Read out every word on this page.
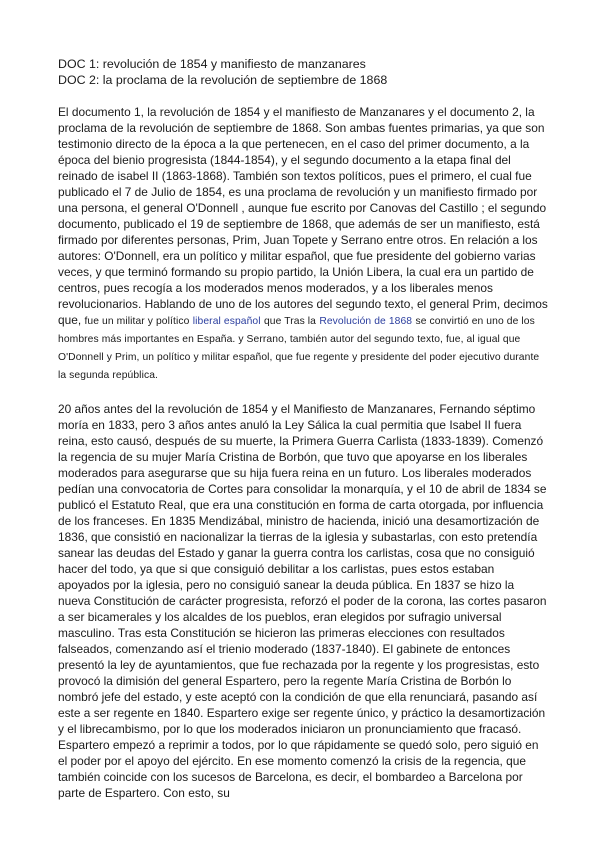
DOC 1: revolución de 1854 y manifiesto de manzanares

DOC 2: la proclama de la revolución de septiembre de 1868

El documento 1, la revolución de 1854 y el manifiesto de Manzanares y el documento 2, la proclama de la revolución de septiembre de 1868. Son ambas fuentes primarias, ya que son testimonio directo de la época a la que pertenecen, en el caso del primer documento, a la época del bienio progresista (1844-1854), y el segundo documento a la etapa final del reinado de isabel II (1863-1868). También son textos políticos, pues el primero, el cual fue publicado el 7 de Julio de 1854, es una proclama de revolución y un manifiesto firmado por una persona, el general O'Donnell , aunque fue escrito por Canovas del Castillo ; el segundo documento, publicado el 19 de septiembre de 1868, que además de ser un manifiesto, está firmado por diferentes personas, Prim, Juan Topete y Serrano entre otros. En relación a los autores: O'Donnell, era un político y militar español, que fue presidente del gobierno varias veces, y que terminó formando su propio partido, la Unión Libera, la cual era un partido de centros, pues recogía a los moderados menos moderados, y a los liberales menos revolucionarios. Hablando de uno de los autores del segundo texto, el general Prim, decimos que, fue un militar y político liberal español que Tras la Revolución de 1868 se convirtió en uno de los hombres más importantes en España. y Serrano, también autor del segundo texto, fue, al igual que O'Donnell y Prim, un político y militar español, que fue regente y presidente del poder ejecutivo durante la segunda república.

20 años antes del la revolución de 1854 y el Manifiesto de Manzanares, Fernando séptimo moría en 1833, pero 3 años antes anuló la Ley Sálica la cual permitia que Isabel II fuera reina, esto causó, después de su muerte, la Primera Guerra Carlista (1833-1839). Comenzó la regencia de su mujer María Cristina de Borbón, que tuvo que apoyarse en los liberales moderados para asegurarse que su hija fuera reina en un futuro. Los liberales moderados pedían una convocatoria de Cortes para consolidar la monarquía, y el 10 de abril de 1834 se publicó el Estatuto Real, que era una constitución en forma de carta otorgada, por influencia de los franceses. En 1835 Mendizábal, ministro de hacienda, inició una desamortización de 1836, que consistió en nacionalizar la tierras de la iglesia y subastarlas, con esto pretendía sanear las deudas del Estado y ganar la guerra contra los carlistas, cosa que no consiguió hacer del todo, ya que si que consiguió debilitar a los carlistas, pues estos estaban apoyados por la iglesia, pero no consiguió sanear la deuda pública. En 1837 se hizo la nueva Constitución de carácter progresista, reforzó el poder de la corona, las cortes pasaron a ser bicamerales y los alcaldes de los pueblos, eran elegidos por sufragio universal masculino. Tras esta Constitución se hicieron las primeras elecciones con resultados falseados, comenzando así el trienio moderado (1837-1840). El gabinete de entonces presentó la ley de ayuntamientos, que fue rechazada por la regente y los progresistas, esto provocó la dimisión del general Espartero, pero la regente María Cristina de Borbón lo nombró jefe del estado, y este aceptó con la condición de que ella renunciará, pasando así este a ser regente en 1840. Espartero exige ser regente único, y práctico la desamortización y el librecambismo, por lo que los moderados iniciaron un pronunciamiento que fracasó. Espartero empezó a reprimir a todos, por lo que rápidamente se quedó solo, pero siguió en el poder por el apoyo del ejército. En ese momento comenzó la crisis de la regencia, que también coincide con los sucesos de Barcelona, es decir, el bombardeo a Barcelona por parte de Espartero. Con esto, su
